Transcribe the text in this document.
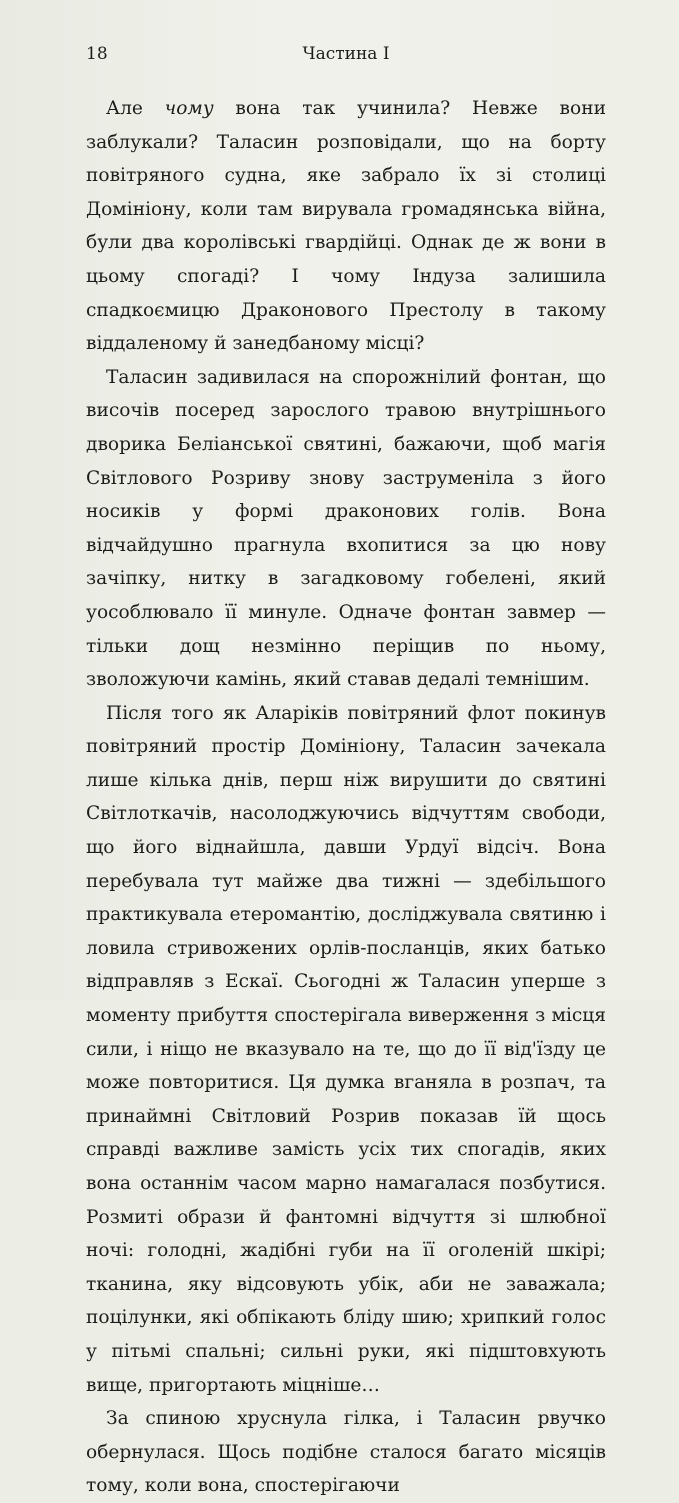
18	Частина І

Але чому вона так учинила? Невже вони заблукали? Таласин розповідали, що на борту повітряного судна, яке забрало їх зі столиці Домініону, коли там вирувала громадянська війна, були два королівські гвардійці. Однак де ж вони в цьому спогаді? І чому Індуза залишила спадкоємицю Драконового Престолу в такому віддаленому й занедбаному місці?

Таласин задивилася на спорожнілий фонтан, що височів посеред зарослого травою внутрішнього дворика Беліанської святині, бажаючи, щоб магія Світлового Розриву знову заструменіла з його носиків у формі драконових голів. Вона відчайдушно прагнула вхопитися за цю нову зачіпку, нитку в загадковому гобелені, який уособлювало її минуле. Одначе фонтан завмер — тільки дощ незмінно періщив по ньому, зволожуючи камінь, який ставав дедалі темнішим.

Після того як Аларіків повітряний флот покинув повітряний простір Домініону, Таласин зачекала лише кілька днів, перш ніж вирушити до святині Світлоткачів, насолоджуючись відчуттям свободи, що його віднайшла, давши Урдуї відсіч. Вона перебувала тут майже два тижні — здебільшого практикувала етеромантію, досліджувала святиню і ловила стривожених орлів-посланців, яких батько відправляв з Ескаї. Сьогодні ж Таласин уперше з моменту прибуття спостерігала виверження з місця сили, і ніщо не вказувало на те, що до її від'їзду це може повторитися. Ця думка вганяла в розпач, та принаймні Світловий Розрив показав їй щось справді важливе замість усіх тих спогадів, яких вона останнім часом марно намагалася позбутися. Розмиті образи й фантомні відчуття зі шлюбної ночі: голодні, жадібні губи на її оголеній шкірі; тканина, яку відсовують убік, аби не заважала; поцілунки, які обпікають бліду шию; хрипкий голос у пітьмі спальні; сильні руки, які підштовхують вище, пригортають міцніше…

За спиною хруснула гілка, і Таласин рвучко обернулася. Щось подібне сталося багато місяців тому, коли вона, спостерігаючи
